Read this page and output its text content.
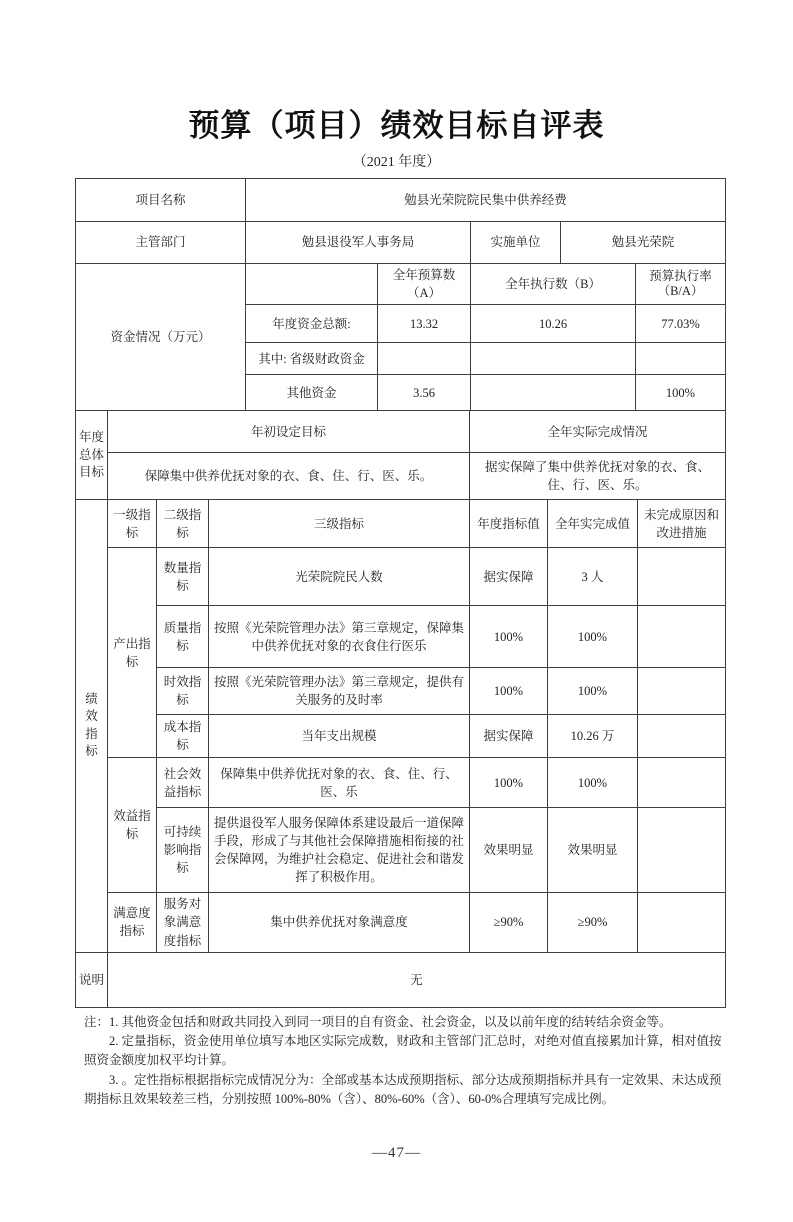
预算（项目）绩效目标自评表
（2021 年度）
项目名称	勉县光荣院院民集中供养经费		
主管部门	勉县退役军人事务局	实施单位	勉县光荣院
资金情况（万元）		全年预算数（A）	全年执行数（B）	预算执行率 （B/A）
	年度资金总额:	13.32	10.26	77.03%
	其中: 省级财政资金			
	其他资金	3.56		100%
年度总体目标	年初设定目标	全年实际完成情况
	保障集中供养优抚对象的衣、食、住、行、医、乐。	据实保障了集中供养优抚对象的衣、食、住、行、医、乐。
绩效指标	一级指标	二级指标	三级指标	年度指标值	全年实完成值	未完成原因和改进措施
	产出指标	数量指标	光荣院院民人数	据实保障	3 人	
		质量指标	按照《光荣院管理办法》第三章规定，保障集中供养优抚对象的衣食住行医乐	100%	100%	
		时效指标	按照《光荣院管理办法》第三章规定，提供有关服务的及时率	100%	100%	
		成本指标	当年支出规模	据实保障	10.26 万	
	效益指标	社会效益指标	保障集中供养优抚对象的衣、食、住、行、医、乐	100%	100%	
		可持续影响指标	提供退役军人服务保障体系建设最后一道保障手段，形成了与其他社会保障措施相衔接的社会保障网，为维护社会稳定、促进社会和谐发挥了积极作用。	效果明显	效果明显	
	满意度指标	服务对象满意度指标	集中供养优抚对象满意度	≥90%	≥90%	
说明	无

注：1. 其他资金包括和财政共同投入到同一项目的自有资金、社会资金，以及以前年度的结转结余资金等。

2. 定量指标，资金使用单位填写本地区实际完成数，财政和主管部门汇总时，对绝对值直接累加计算，相对值按照资金额度加权平均计算。

3. 。定性指标根据指标完成情况分为：全部或基本达成预期指标、部分达成预期指标并具有一定效果、未达成预期指标且效果较差三档，分别按照 100%-80%（含）、80%-60%（含）、60-0%合理填写完成比例。

—47—
